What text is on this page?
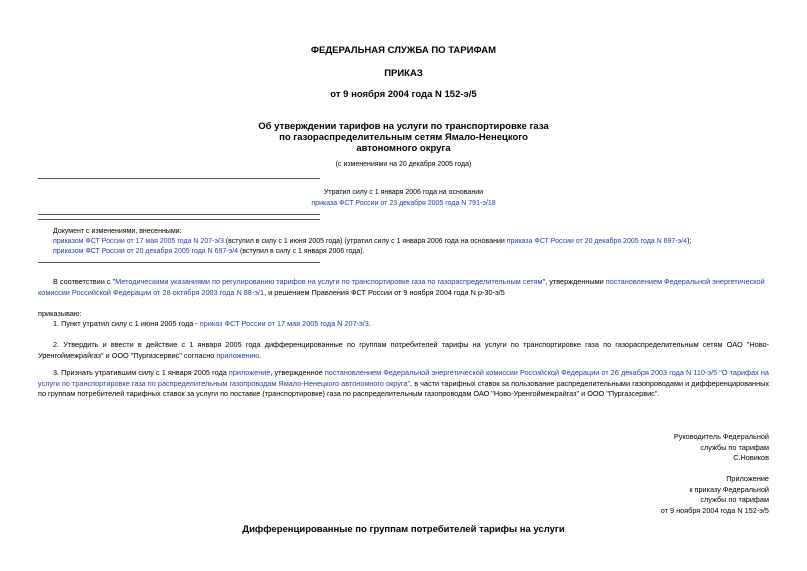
ФЕДЕРАЛЬНАЯ СЛУЖБА ПО ТАРИФАМ
ПРИКАЗ
от 9 ноября 2004 года N 152-э/5
Об утверждении тарифов на услуги по транспортировке газа
по газораспределительным сетям Ямало-Ненецкого
автономного округа
(с изменениями на 20 декабря 2005 года)
Утратил силу с 1 января 2006 года на основании
приказа ФСТ России от 23 декабря 2005 года N 791-э/18
Документ с изменениями, внесенными:
приказом ФСТ России от 17 мая 2005 года N 207-э/3 (вступил в силу с 1 июня 2005 года) (утратил силу с 1 января 2006 года на основании приказа ФСТ России от 20 декабря 2005 года N 697-э/4);
приказом ФСТ России от 20 декабря 2005 года N 697-э/4 (вступил в силу с 1 января 2006 года).

В соответствии с "Методическими указаниями по регулированию тарифов на услуги по транспортировке газа по газораспределительным сетям", утвержденными постановлением Федеральной энергетической комиссии Российской Федерации от 28 октября 2003 года N 88-э/1, и решением Правления ФСТ России от 9 ноября 2004 года N р-30-э/5

приказываю:

1. Пункт утратил силу с 1 июня 2005 года - приказ ФСТ России от 17 мая 2005 года N 207-э/3.

2. Утвердить и ввести в действие с 1 января 2005 года дифференцированные по группам потребителей тарифы на услуги по транспортировке газа по газораспределительным сетям ОАО "Ново-Уренгоймежрайгаз" и ООО "Пургазсервис" согласно приложению.

3. Признать утратившим силу с 1 января 2005 года приложение, утвержденное постановлением Федеральной энергетической комиссии Российской Федерации от 26 декабря 2003 года N 110-э/5 "О тарифах на услуги по транспортировке газа по распределительным газопроводам Ямало-Ненецкого автономного округа", в части тарифных ставок за пользование распределительными газопроводами и дифференцированных по группам потребителей тарифных ставок за услуги по поставке (транспортировке) газа по распределительным газопроводам ОАО "Ново-Уренгоймежрайгаз" и ООО "Пургазсервис".

Руководитель Федеральной
службы по тарифам
С.Новиков
Приложение
к приказу Федеральной
службы по тарифам
от 9 ноября 2004 года N 152-э/5
Дифференцированные по группам потребителей тарифы на услуги
